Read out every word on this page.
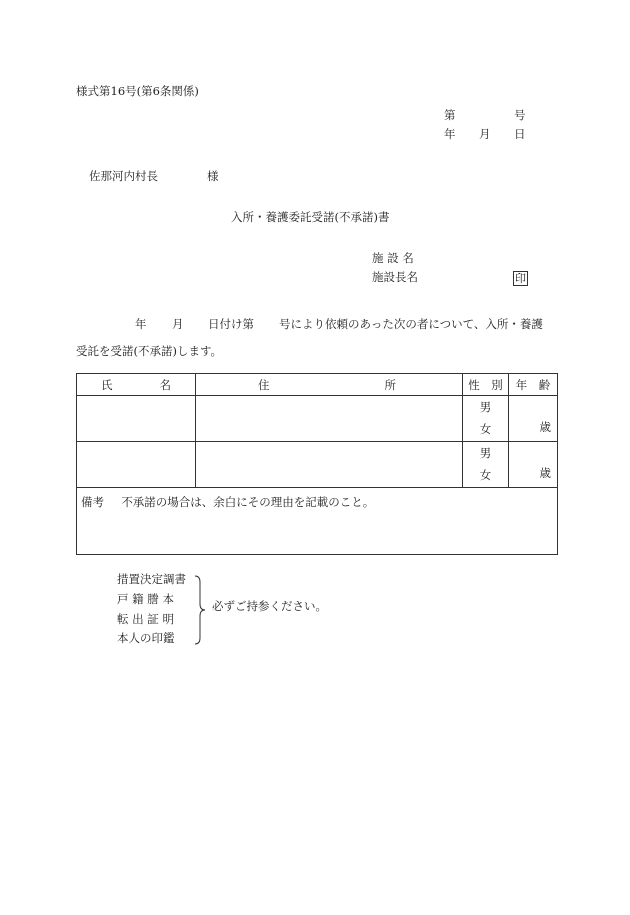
様式第16号(第6条関係)
第	号
年 月 日
佐那河内村長	様
入所・養護委託受諾(不承諾)書
施 設 名
施設長名	印
年 月 日付け第 号により依頼のあった次の者について、入所・養護
受託を受諾(不承諾)します。
氏 名	住 所	性　別	年　齢

		男
女	歳

		男
女	歳

備考 不承諾の場合は、余白にその理由を記載のこと。			
措置決定調書
戸 籍 謄 本
転 出 証 明
本人の印鑑
必ずご持参ください。
